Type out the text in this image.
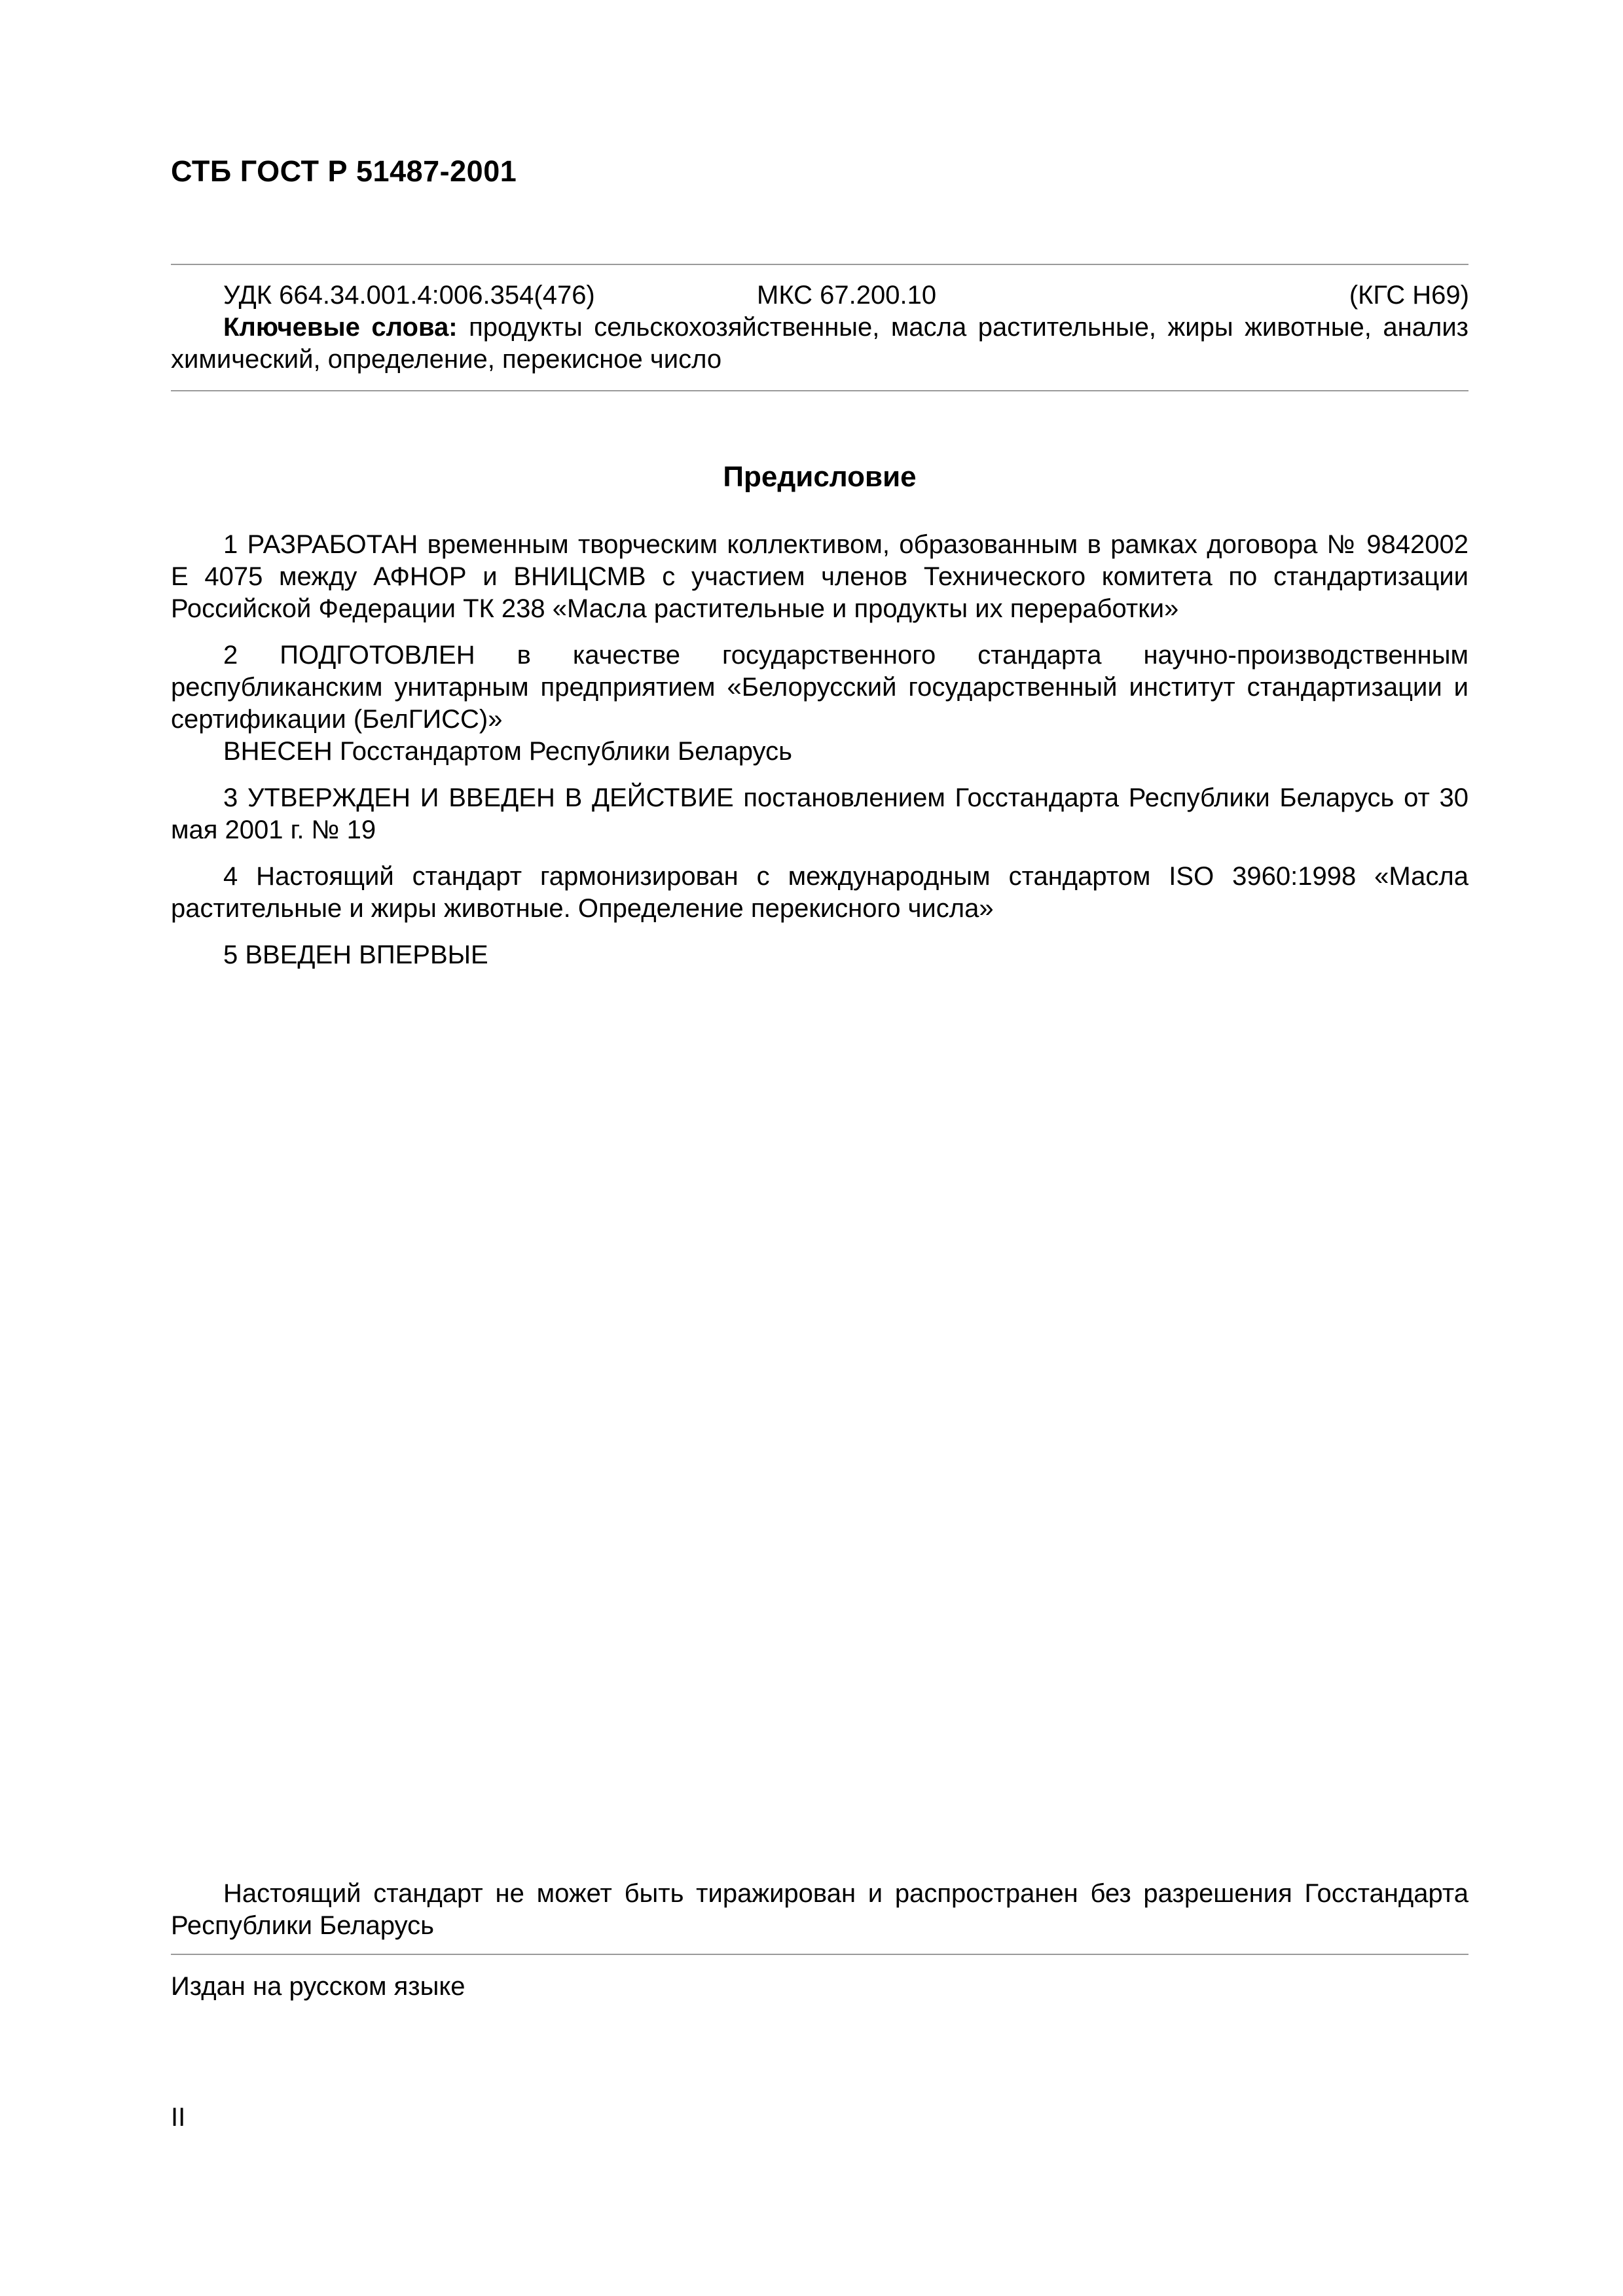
СТБ ГОСТ Р 51487-2001
УДК 664.34.001.4:006.354(476)	МКС 67.200.10	(КГС Н69)
Ключевые слова: продукты сельскохозяйственные, масла растительные, жиры животные, анализ химический, определение, перекисное число
Предисловие

1 РАЗРАБОТАН временным творческим коллективом, образованным в рамках договора № 9842002 Е 4075 между АФНОР и ВНИЦСМВ с участием членов Технического комитета по стандартизации Российской Федерации ТК 238 «Масла растительные и продукты их переработки»

2 ПОДГОТОВЛЕН в качестве государственного стандарта научно-производственным республиканским унитарным предприятием «Белорусский государственный институт стандартизации и сертификации (БелГИСС)»

ВНЕСЕН Госстандартом Республики Беларусь

3 УТВЕРЖДЕН И ВВЕДЕН В ДЕЙСТВИЕ постановлением Госстандарта Республики Беларусь от 30 мая 2001 г. № 19

4 Настоящий стандарт гармонизирован с международным стандартом ISO 3960:1998 «Масла растительные и жиры животные. Определение перекисного числа»

5 ВВЕДЕН ВПЕРВЫЕ

Настоящий стандарт не может быть тиражирован и распространен без разрешения Госстандарта Республики Беларусь
Издан на русском языке
II
